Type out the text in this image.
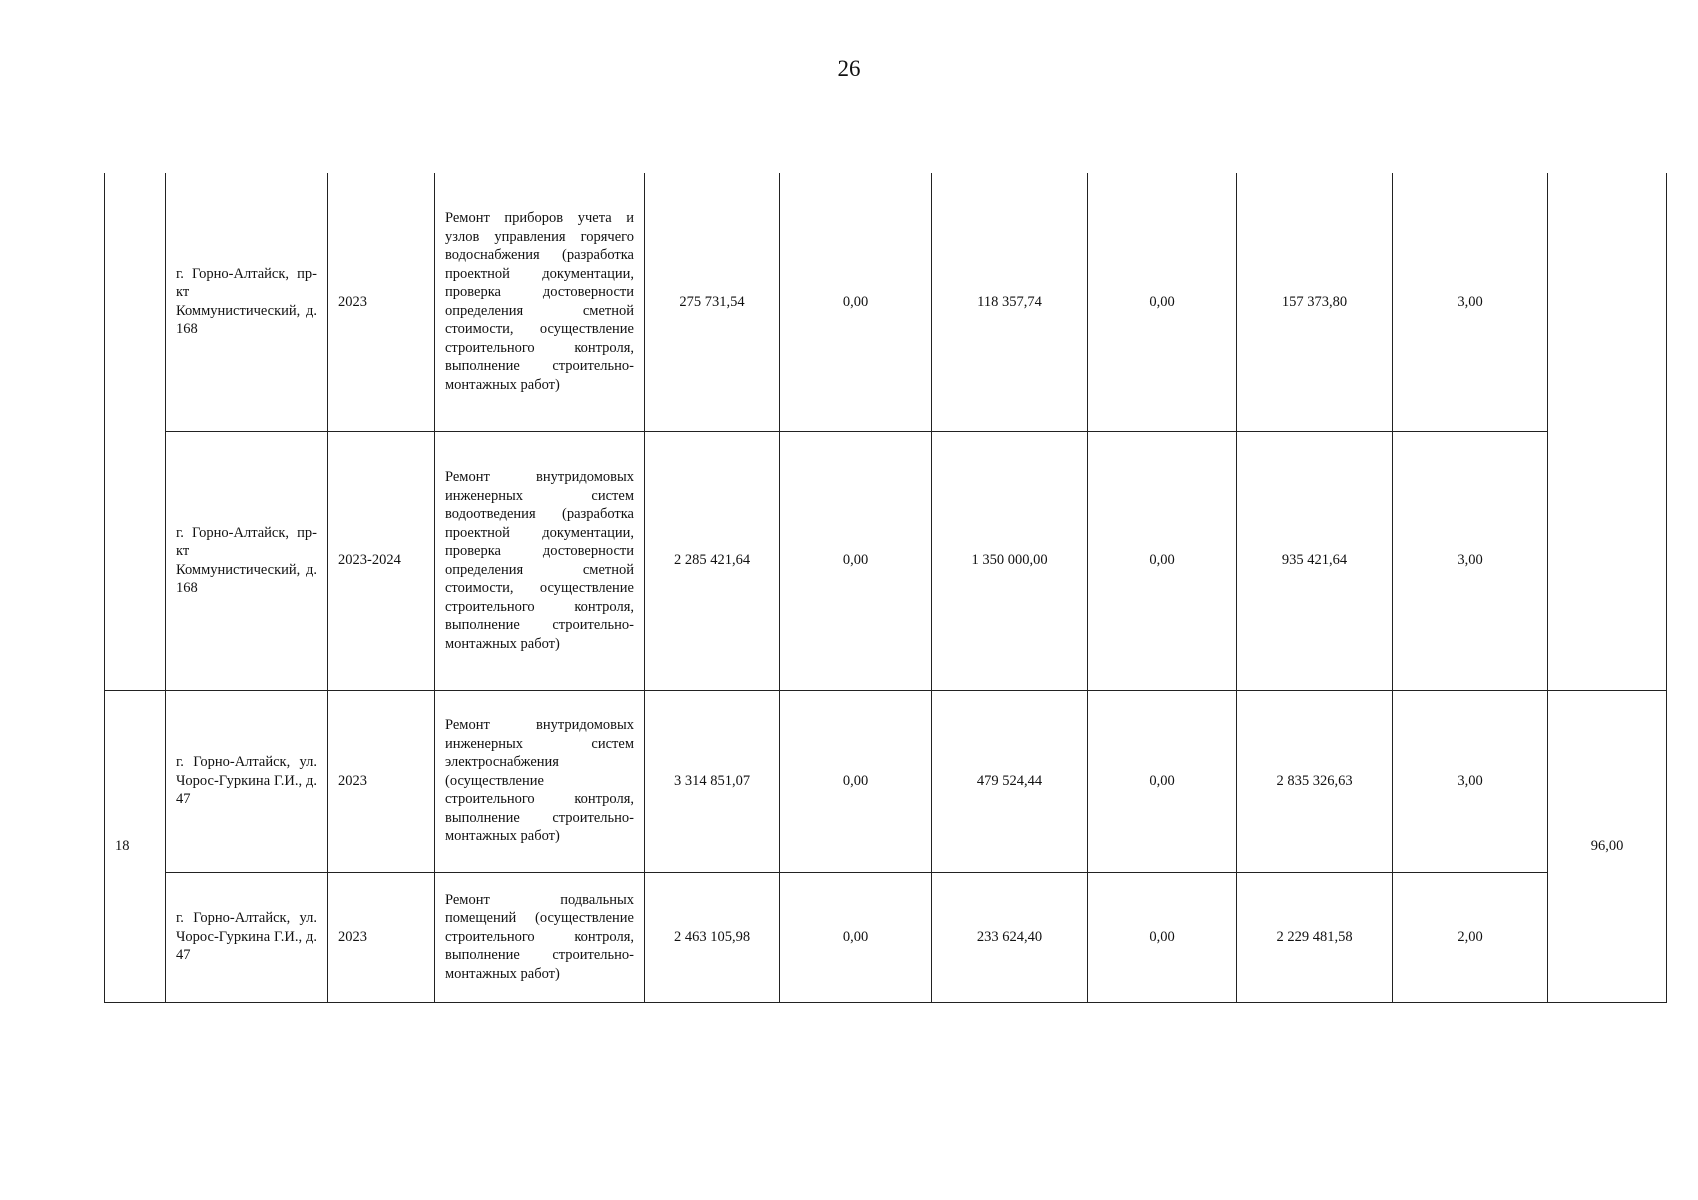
26
	г. Горно-Алтайск, пр-кт Коммунистический, д. 168	2023	Ремонт приборов учета и узлов управления горячего водоснабжения (разработка проектной документации, проверка достоверности определения сметной стоимости, осуществление строительного контроля, выполнение строительно-монтажных работ)	275 731,54	0,00	118 357,74	0,00	157 373,80	3,00	
	г. Горно-Алтайск, пр-кт Коммунистический, д. 168	2023-2024	Ремонт внутридомовых инженерных систем водоотведения (разработка проектной документации, проверка достоверности определения сметной стоимости, осуществление строительного контроля, выполнение строительно-монтажных работ)	2 285 421,64	0,00	1 350 000,00	0,00	935 421,64	3,00	
18	г. Горно-Алтайск, ул. Чорос-Гуркина Г.И., д. 47	2023	Ремонт внутридомовых инженерных систем электроснабжения (осуществление строительного контроля, выполнение строительно-монтажных работ)	3 314 851,07	0,00	479 524,44	0,00	2 835 326,63	3,00	96,00
	г. Горно-Алтайск, ул. Чорос-Гуркина Г.И., д. 47	2023	Ремонт подвальных помещений (осуществление строительного контроля, выполнение строительно-монтажных работ)	2 463 105,98	0,00	233 624,40	0,00	2 229 481,58	2,00	
